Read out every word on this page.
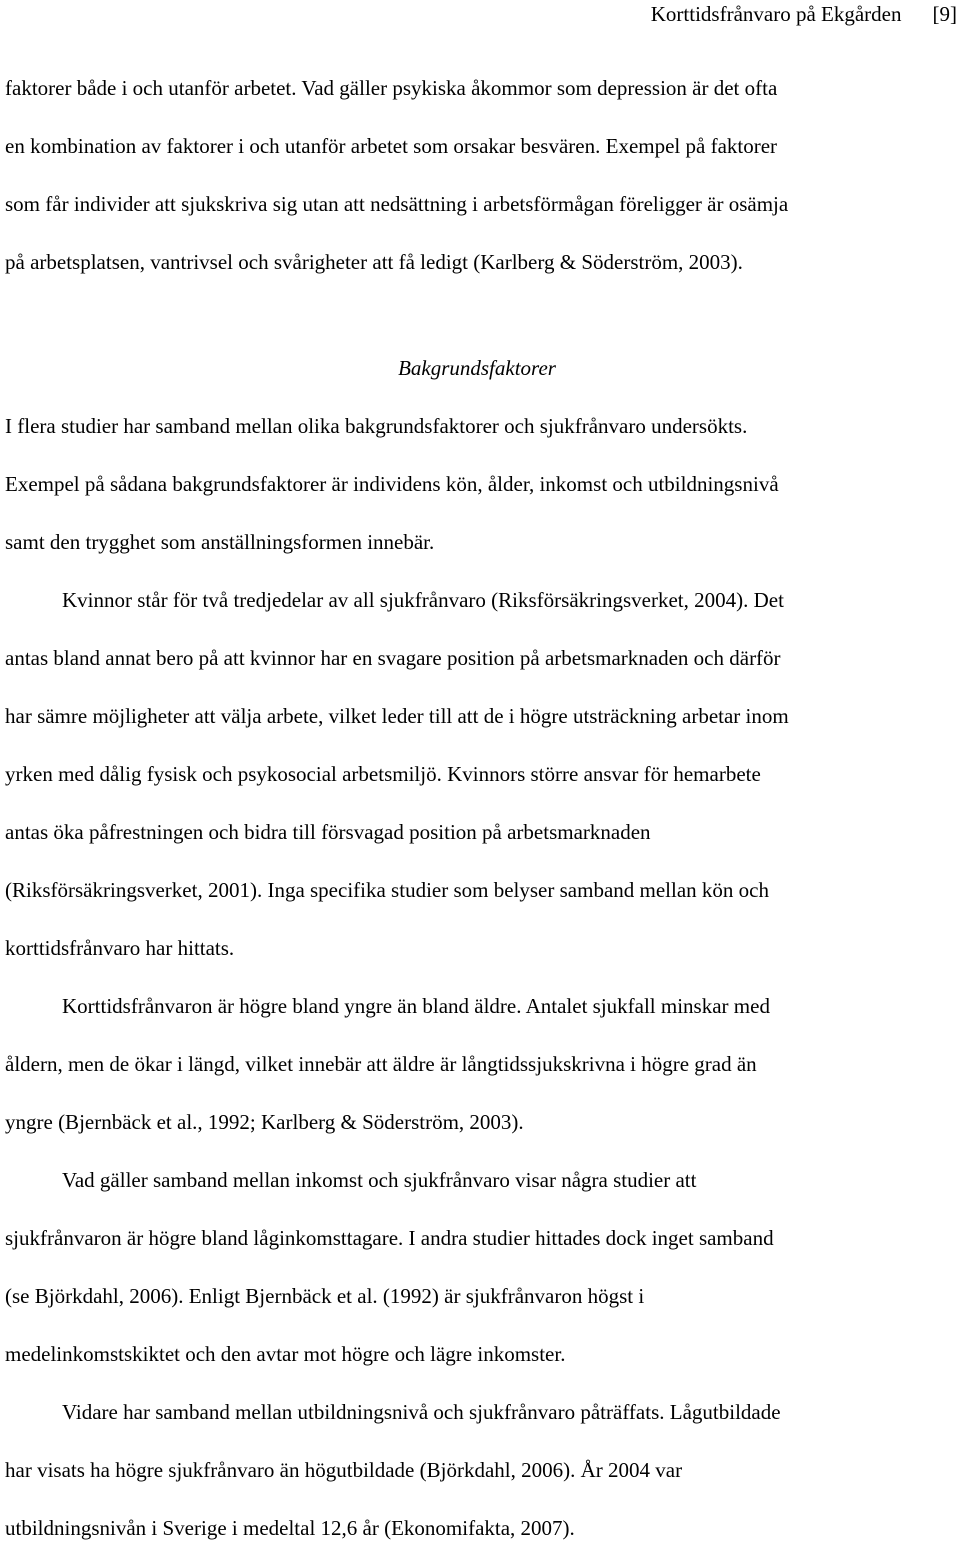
Korttidsfrånvaro på Ekgården [9]

faktorer både i och utanför arbetet. Vad gäller psykiska åkommor som depression är det ofta
en kombination av faktorer i och utanför arbetet som orsakar besvären. Exempel på faktorer
som får individer att sjukskriva sig utan att nedsättning i arbetsförmågan föreligger är osämja
på arbetsplatsen, vantrivsel och svårigheter att få ledigt (Karlberg & Söderström, 2003).

Bakgrundsfaktorer

I flera studier har samband mellan olika bakgrundsfaktorer och sjukfrånvaro undersökts.
Exempel på sådana bakgrundsfaktorer är individens kön, ålder, inkomst och utbildningsnivå
samt den trygghet som anställningsformen innebär.

Kvinnor står för två tredjedelar av all sjukfrånvaro (Riksförsäkringsverket, 2004). Det
antas bland annat bero på att kvinnor har en svagare position på arbetsmarknaden och därför
har sämre möjligheter att välja arbete, vilket leder till att de i högre utsträckning arbetar inom
yrken med dålig fysisk och psykosocial arbetsmiljö. Kvinnors större ansvar för hemarbete
antas öka påfrestningen och bidra till försvagad position på arbetsmarknaden
(Riksförsäkringsverket, 2001). Inga specifika studier som belyser samband mellan kön och
korttidsfrånvaro har hittats.

Korttidsfrånvaron är högre bland yngre än bland äldre. Antalet sjukfall minskar med
åldern, men de ökar i längd, vilket innebär att äldre är långtidssjukskrivna i högre grad än
yngre (Bjernbäck et al., 1992; Karlberg & Söderström, 2003).

Vad gäller samband mellan inkomst och sjukfrånvaro visar några studier att
sjukfrånvaron är högre bland låginkomsttagare. I andra studier hittades dock inget samband
(se Björkdahl, 2006). Enligt Bjernbäck et al. (1992) är sjukfrånvaron högst i
medelinkomstskiktet och den avtar mot högre och lägre inkomster.

Vidare har samband mellan utbildningsnivå och sjukfrånvaro påträffats. Lågutbildade
har visats ha högre sjukfrånvaro än högutbildade (Björkdahl, 2006). År 2004 var
utbildningsnivån i Sverige i medeltal 12,6 år (Ekonomifakta, 2007).
